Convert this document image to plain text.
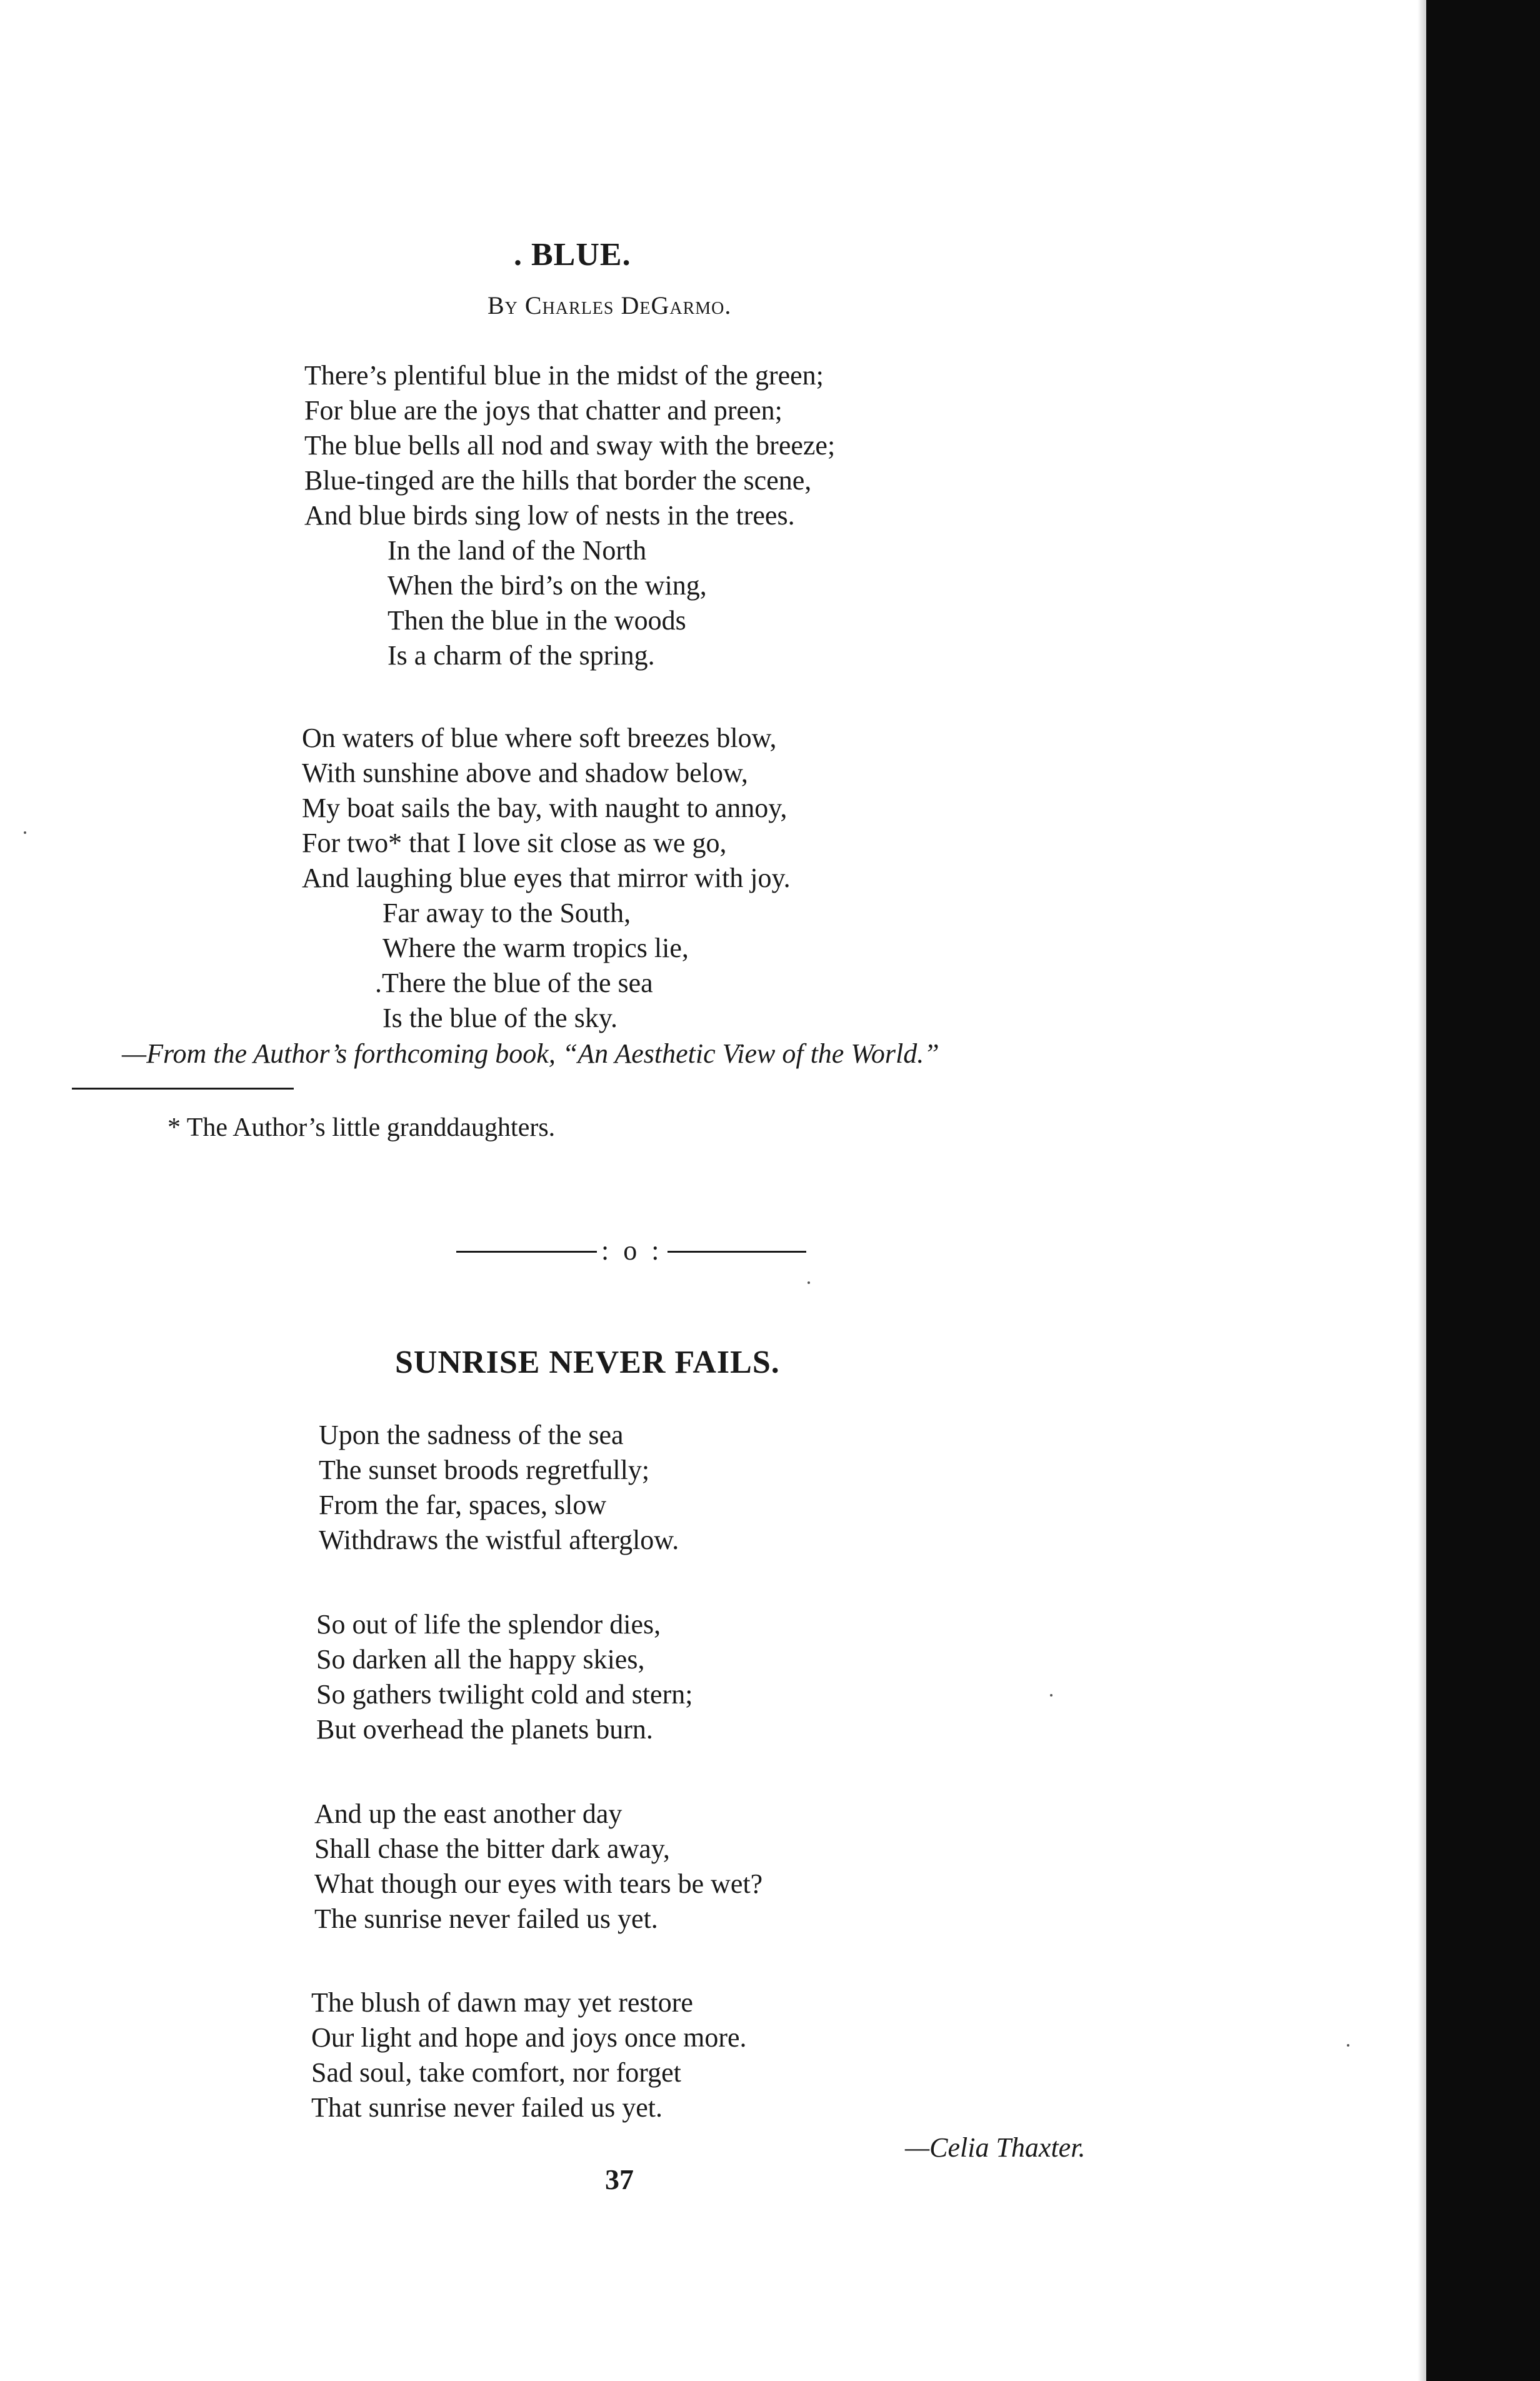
. BLUE.
By Charles DeGarmo.
There’s plentiful blue in the midst of the green;
For blue are the joys that chatter and preen;
The blue bells all nod and sway with the breeze;
Blue-tinged are the hills that border the scene,
And blue birds sing low of nests in the trees.
In the land of the North
When the bird’s on the wing,
Then the blue in the woods
Is a charm of the spring.
On waters of blue where soft breezes blow,
With sunshine above and shadow below,
My boat sails the bay, with naught to annoy,
For two* that I love sit close as we go,
And laughing blue eyes that mirror with joy.
Far away to the South,
Where the warm tropics lie,
.There the blue of the sea
Is the blue of the sky.
—From the Author’s forthcoming book, “An Aesthetic View of the World.”
* The Author’s little granddaughters.
: o :
SUNRISE NEVER FAILS.
Upon the sadness of the sea
The sunset broods regretfully;
From the far, spaces, slow
Withdraws the wistful afterglow.
So out of life the splendor dies,
So darken all the happy skies,
So gathers twilight cold and stern;
But overhead the planets burn.
And up the east another day
Shall chase the bitter dark away,
What though our eyes with tears be wet?
The sunrise never failed us yet.
The blush of dawn may yet restore
Our light and hope and joys once more.
Sad soul, take comfort, nor forget
That sunrise never failed us yet.
—Celia Thaxter.
37
